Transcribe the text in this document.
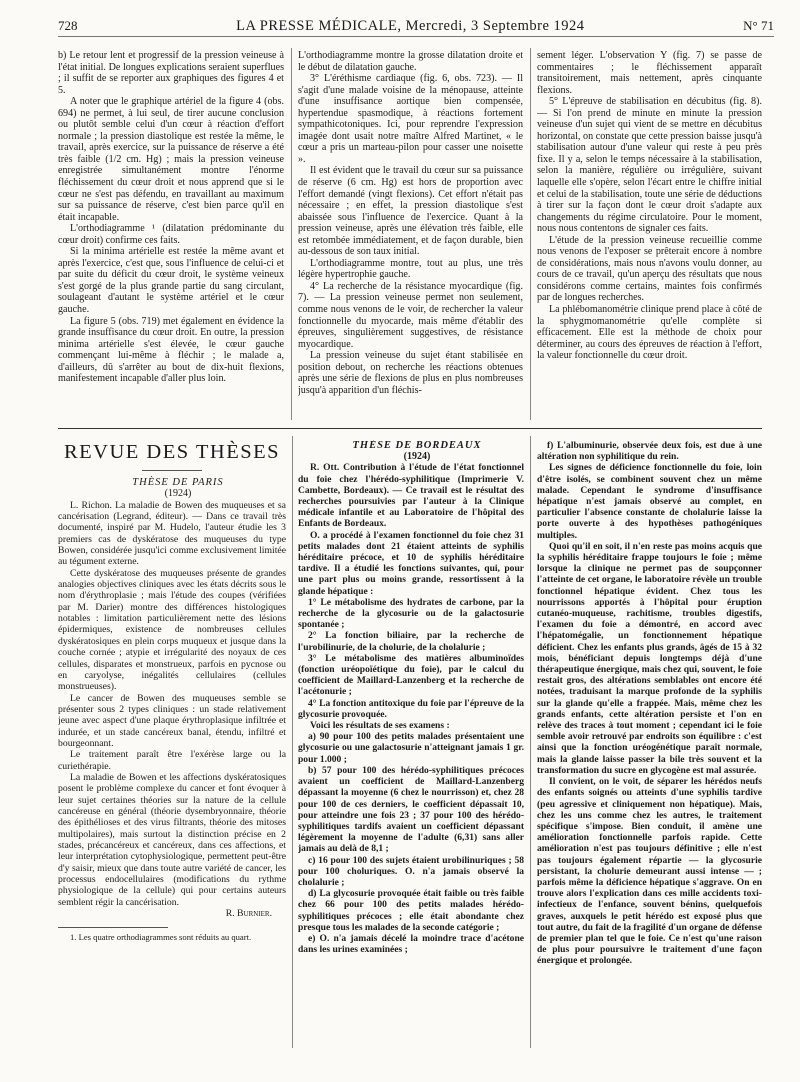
728	LA PRESSE MÉDICALE, Mercredi, 3 Septembre 1924	N° 71

b) Le retour lent et progressif de la pression veineuse à l'état initial. De longues explications seraient superflues ; il suffit de se reporter aux graphiques des figures 4 et 5.

A noter que le graphique artériel de la figure 4 (obs. 694) ne permet, à lui seul, de tirer aucune conclusion ou plutôt semble celui d'un cœur à réaction d'effort normale ; la pression diastolique est restée la même, le travail, après exercice, sur la puissance de réserve a été très faible (1/2 cm. Hg) ; mais la pression veineuse enregistrée simultanément montre l'énorme fléchissement du cœur droit et nous apprend que si le cœur ne s'est pas défendu, en travaillant au maximum sur sa puissance de réserve, c'est bien parce qu'il en était incapable.

L'orthodiagramme ¹ (dilatation prédominante du cœur droit) confirme ces faits.

Si la minima artérielle est restée la même avant et après l'exercice, c'est que, sous l'influence de celui-ci et par suite du déficit du cœur droit, le système veineux s'est gorgé de la plus grande partie du sang circulant, soulageant d'autant le système artériel et le cœur gauche.

La figure 5 (obs. 719) met également en évidence la grande insuffisance du cœur droit. En outre, la pression minima artérielle s'est élevée, le cœur gauche commençant lui-même à fléchir ; le malade a, d'ailleurs, dû s'arrêter au bout de dix-huit flexions, manifestement incapable d'aller plus loin.

L'orthodiagramme montre la grosse dilatation droite et le début de dilatation gauche.

3° L'éréthisme cardiaque (fig. 6, obs. 723). — Il s'agit d'une malade voisine de la ménopause, atteinte d'une insuffisance aortique bien compensée, hypertendue spasmodique, à réactions fortement sympathicotoniques. Ici, pour reprendre l'expression imagée dont usait notre maître Alfred Martinet, « le cœur a pris un marteau-pilon pour casser une noisette ».

Il est évident que le travail du cœur sur sa puissance de réserve (6 cm. Hg) est hors de proportion avec l'effort demandé (vingt flexions). Cet effort n'était pas nécessaire ; en effet, la pression diastolique s'est abaissée sous l'influence de l'exercice. Quant à la pression veineuse, après une élévation très faible, elle est retombée immédiatement, et de façon durable, bien au-dessous de son taux initial.

L'orthodiagramme montre, tout au plus, une très légère hypertrophie gauche.

4° La recherche de la résistance myocardique (fig. 7). — La pression veineuse permet non seulement, comme nous venons de le voir, de rechercher la valeur fonctionnelle du myocarde, mais même d'établir des épreuves, singulièrement suggestives, de résistance myocardique.

La pression veineuse du sujet étant stabilisée en position debout, on recherche les réactions obtenues après une série de flexions de plus en plus nombreuses jusqu'à apparition d'un fléchis-

sement léger. L'observation Y (fig. 7) se passe de commentaires ; le fléchissement apparaît transitoirement, mais nettement, après cinquante flexions.

5° L'épreuve de stabilisation en décubitus (fig. 8). — Si l'on prend de minute en minute la pression veineuse d'un sujet qui vient de se mettre en décubitus horizontal, on constate que cette pression baisse jusqu'à stabilisation autour d'une valeur qui reste à peu près fixe. Il y a, selon le temps nécessaire à la stabilisation, selon la manière, régulière ou irrégulière, suivant laquelle elle s'opère, selon l'écart entre le chiffre initial et celui de la stabilisation, toute une série de déductions à tirer sur la façon dont le cœur droit s'adapte aux changements du régime circulatoire. Pour le moment, nous nous contentons de signaler ces faits.

L'étude de la pression veineuse recueillie comme nous venons de l'exposer se prêterait encore à nombre de considérations, mais nous n'avons voulu donner, au cours de ce travail, qu'un aperçu des résultats que nous considérons comme certains, maintes fois confirmés par de longues recherches.

La phlébomanométrie clinique prend place à côté de la sphygmomanométrie qu'elle complète si efficacement. Elle est la méthode de choix pour déterminer, au cours des épreuves de réaction à l'effort, la valeur fonctionnelle du cœur droit.

REVUE DES THÈSES

THÈSE DE PARIS

(1924)

L. Richon. La maladie de Bowen des muqueuses et sa cancérisation (Legrand, éditeur). — Dans ce travail très documenté, inspiré par M. Hudelo, l'auteur étudie les 3 premiers cas de dyskératose des muqueuses du type Bowen, considérée jusqu'ici comme exclusivement limitée au tégument externe.

Cette dyskératose des muqueuses présente de grandes analogies objectives cliniques avec les états décrits sous le nom d'érythroplasie ; mais l'étude des coupes (vérifiées par M. Darier) montre des différences histologiques notables : limitation particulièrement nette des lésions épidermiques, existence de nombreuses cellules dyskératosiques en plein corps muqueux et jusque dans la couche cornée ; atypie et irrégularité des noyaux de ces cellules, disparates et monstrueux, parfois en pycnose ou en caryolyse, inégalités cellulaires (cellules monstrueuses).

Le cancer de Bowen des muqueuses semble se présenter sous 2 types cliniques : un stade relativement jeune avec aspect d'une plaque érythroplasique infiltrée et indurée, et un stade cancéreux banal, étendu, infiltré et bourgeonnant.

Le traitement paraît être l'exérèse large ou la curiethérapie.

La maladie de Bowen et les affections dyskératosiques posent le problème complexe du cancer et font évoquer à leur sujet certaines théories sur la nature de la cellule cancéreuse en général (théorie dysembryonnaire, théorie des épithélioses et des virus filtrants, théorie des mitoses multipolaires), mais surtout la distinction précise en 2 stades, précancéreux et cancéreux, dans ces affections, et leur interprétation cytophysiologique, permettent peut-être d'y saisir, mieux que dans toute autre variété de cancer, les processus endocellulaires (modifications du rythme physiologique de la cellule) qui pour certains auteurs semblent régir la cancérisation.

R. Burnier.

1. Les quatre orthodiagrammes sont réduits au quart.

THÈSE DE BORDEAUX

(1924)

R. Ott. Contribution à l'étude de l'état fonctionnel du foie chez l'hérédo-syphilitique (Imprimerie V. Cambette, Bordeaux). — Ce travail est le résultat des recherches poursuivies par l'auteur à la Clinique médicale infantile et au Laboratoire de l'hôpital des Enfants de Bordeaux.

O. a procédé à l'examen fonctionnel du foie chez 31 petits malades dont 21 étaient atteints de syphilis héréditaire précoce, et 10 de syphilis héréditaire tardive. Il a étudié les fonctions suivantes, qui, pour une part plus ou moins grande, ressortissent à la glande hépatique :

1° Le métabolisme des hydrates de carbone, par la recherche de la glycosurie ou de la galactosurie spontanée ;

2° La fonction biliaire, par la recherche de l'urobilinurie, de la cholurie, de la cholalurie ;

3° Le métabolisme des matières albuminoïdes (fonction uréopoïétique du foie), par le calcul du coefficient de Maillard-Lanzenberg et la recherche de l'acétonurie ;

4° La fonction antitoxique du foie par l'épreuve de la glycosurie provoquée.

Voici les résultats de ses examens :

a) 90 pour 100 des petits malades présentaient une glycosurie ou une galactosurie n'atteignant jamais 1 gr. pour 1.000 ;

b) 57 pour 100 des hérédo-syphilitiques précoces avaient un coefficient de Maillard-Lanzenberg dépassant la moyenne (6 chez le nourrisson) et, chez 28 pour 100 de ces derniers, le coefficient dépassait 10, pour atteindre une fois 23 ; 37 pour 100 des hérédo-syphilitiques tardifs avaient un coefficient dépassant légèrement la moyenne de l'adulte (6,31) sans aller jamais au delà de 8,1 ;

c) 16 pour 100 des sujets étaient urobilinuriques ; 58 pour 100 choluriques. O. n'a jamais observé la cholalurie ;

d) La glycosurie provoquée était faible ou très faible chez 66 pour 100 des petits malades hérédo-syphilitiques précoces ; elle était abondante chez presque tous les malades de la seconde catégorie ;

e) O. n'a jamais décelé la moindre trace d'acétone dans les urines examinées ;

f) L'albuminurie, observée deux fois, est due à une altération non syphilitique du rein.

Les signes de déficience fonctionnelle du foie, loin d'être isolés, se combinent souvent chez un même malade. Cependant le syndrome d'insuffisance hépatique n'est jamais observé au complet, en particulier l'absence constante de cholalurie laisse la porte ouverte à des hypothèses pathogéniques multiples.

Quoi qu'il en soit, il n'en reste pas moins acquis que la syphilis héréditaire frappe toujours le foie ; même lorsque la clinique ne permet pas de soupçonner l'atteinte de cet organe, le laboratoire révèle un trouble fonctionnel hépatique évident. Chez tous les nourrissons apportés à l'hôpital pour éruption cutanéo-muqueuse, rachitisme, troubles digestifs, l'examen du foie a démontré, en accord avec l'hépatomégalie, un fonctionnement hépatique déficient. Chez les enfants plus grands, âgés de 15 à 32 mois, bénéficiant depuis longtemps déjà d'une thérapeutique énergique, mais chez qui, souvent, le foie restait gros, des altérations semblables ont encore été notées, traduisant la marque profonde de la syphilis sur la glande qu'elle a frappée. Mais, même chez les grands enfants, cette altération persiste et l'on en relève des traces à tout moment ; cependant ici le foie semble avoir retrouvé par endroits son équilibre : c'est ainsi que la fonction uréogénétique paraît normale, mais la glande laisse passer la bile très souvent et la transformation du sucre en glycogène est mal assurée.

Il convient, on le voit, de séparer les hérédos neufs des enfants soignés ou atteints d'une syphilis tardive (peu agressive et cliniquement non hépatique). Mais, chez les uns comme chez les autres, le traitement spécifique s'impose. Bien conduit, il amène une amélioration fonctionnelle parfois rapide. Cette amélioration n'est pas toujours définitive ; elle n'est pas toujours également répartie — la glycosurie persistant, la cholurie demeurant aussi intense — ; parfois même la déficience hépatique s'aggrave. On en trouve alors l'explication dans ces mille accidents toxi-infectieux de l'enfance, souvent bénins, quelquefois graves, auxquels le petit hérédo est exposé plus que tout autre, du fait de la fragilité d'un organe de défense de premier plan tel que le foie. Ce n'est qu'une raison de plus pour poursuivre le traitement d'une façon énergique et prolongée.
